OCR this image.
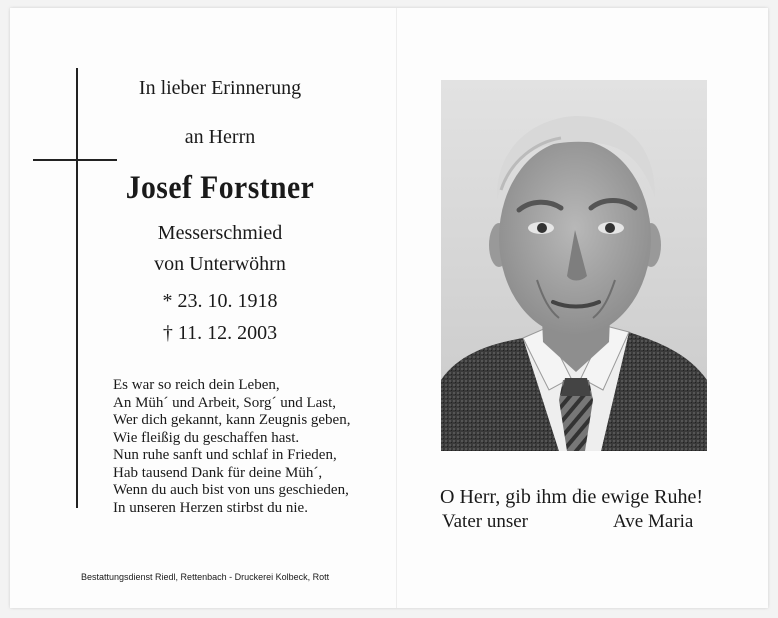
In lieber Erinnerung
an Herrn
Josef Forstner
Messerschmied
von Unterwöhrn
* 23. 10. 1918
† 11. 12. 2003
Es war so reich dein Leben,
An Müh´ und Arbeit, Sorg´ und Last,
Wer dich gekannt, kann Zeugnis geben,
Wie fleißig du geschaffen hast.
Nun ruhe sanft und schlaf in Frieden,
Hab tausend Dank für deine Müh´,
Wenn du auch bist von uns geschieden,
In unseren Herzen stirbst du nie.
Bestattungsdienst Riedl, Rettenbach - Druckerei Kolbeck, Rott
O Herr, gib ihm die ewige Ruhe!
Vater unser	Ave Maria
